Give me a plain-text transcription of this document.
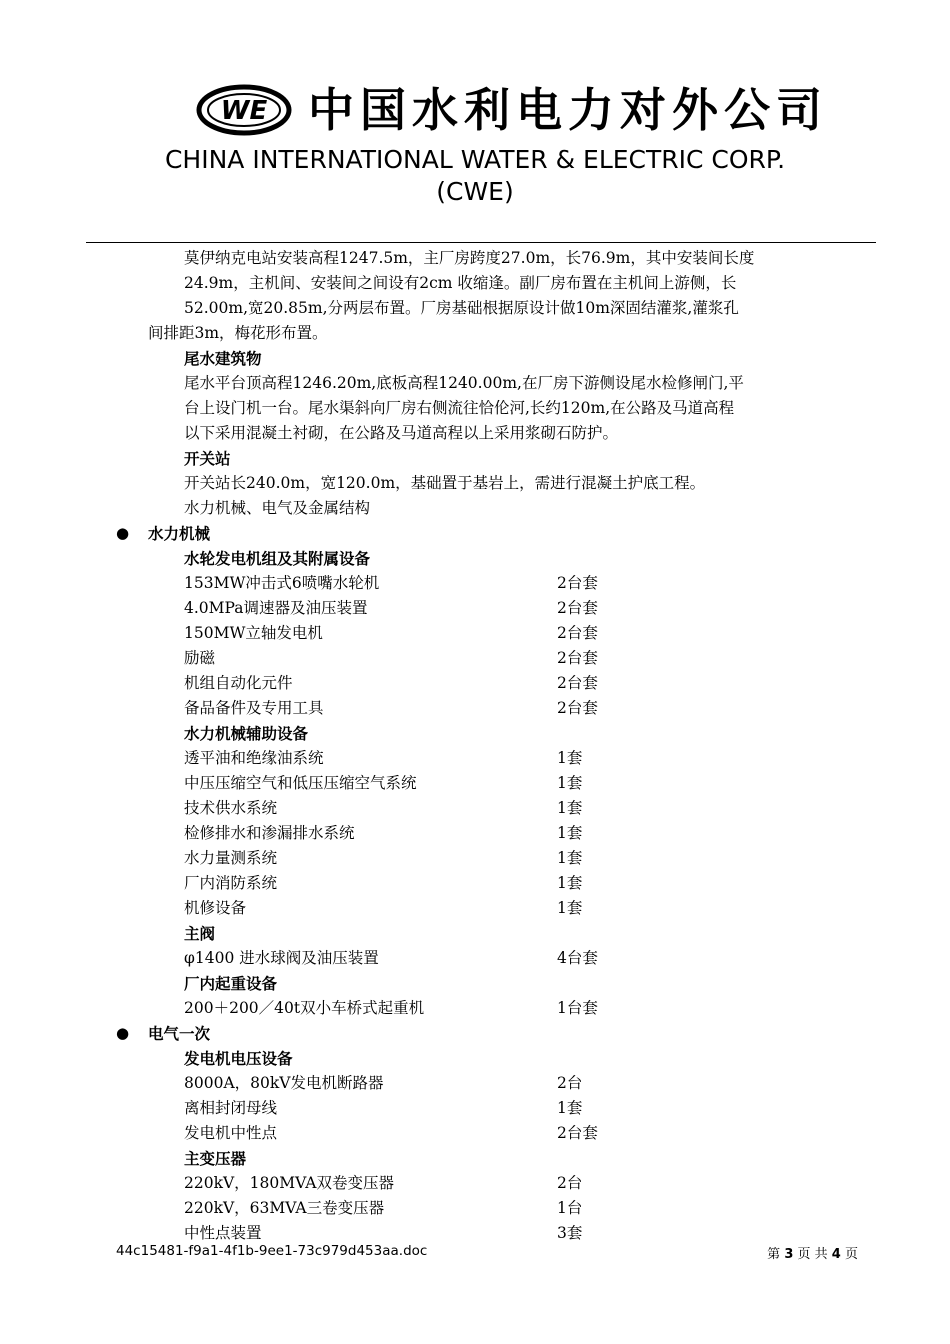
WE 中国水利电力对外公司
CHINA INTERNATIONAL WATER & ELECTRIC CORP.
(CWE)
莫伊纳克电站安装高程1247.5m，主厂房跨度27.0m，长76.9m，其中安装间长度
24.9m，主机间、安装间之间设有2cm 收缩逢。副厂房布置在主机间上游侧，长
52.00m,宽20.85m,分两层布置。厂房基础根据原设计做10m深固结灌浆,灌浆孔
间排距3m，梅花形布置。
尾水建筑物
尾水平台顶高程1246.20m,底板高程1240.00m,在厂房下游侧设尾水检修闸门,平
台上设门机一台。尾水渠斜向厂房右侧流往恰伦河,长约120m,在公路及马道高程
以下采用混凝土衬砌，在公路及马道高程以上采用浆砌石防护。
开关站
开关站长240.0m，宽120.0m，基础置于基岩上，需进行混凝土护底工程。
水力机械、电气及金属结构
● 水力机械
水轮发电机组及其附属设备
153MW冲击式6喷嘴水轮机	2台套
4.0MPa调速器及油压装置	2台套
150MW立轴发电机	2台套
励磁	2台套
机组自动化元件	2台套
备品备件及专用工具	2台套
水力机械辅助设备
透平油和绝缘油系统	1套
中压压缩空气和低压压缩空气系统	1套
技术供水系统	1套
检修排水和渗漏排水系统	1套
水力量测系统	1套
厂内消防系统	1套
机修设备	1套
主阀
φ1400 进水球阀及油压装置	4台套
厂内起重设备
200＋200／40t双小车桥式起重机	1台套
● 电气一次
发电机电压设备
8000A，80kV发电机断路器	2台
离相封闭母线	1套
发电机中性点	2台套
主变压器
220kV，180MVA双卷变压器	2台
220kV，63MVA三卷变压器	1台
中性点装置	3套
44c15481-f9a1-4f1b-9ee1-73c979d453aa.doc	第 3 页 共 4 页
